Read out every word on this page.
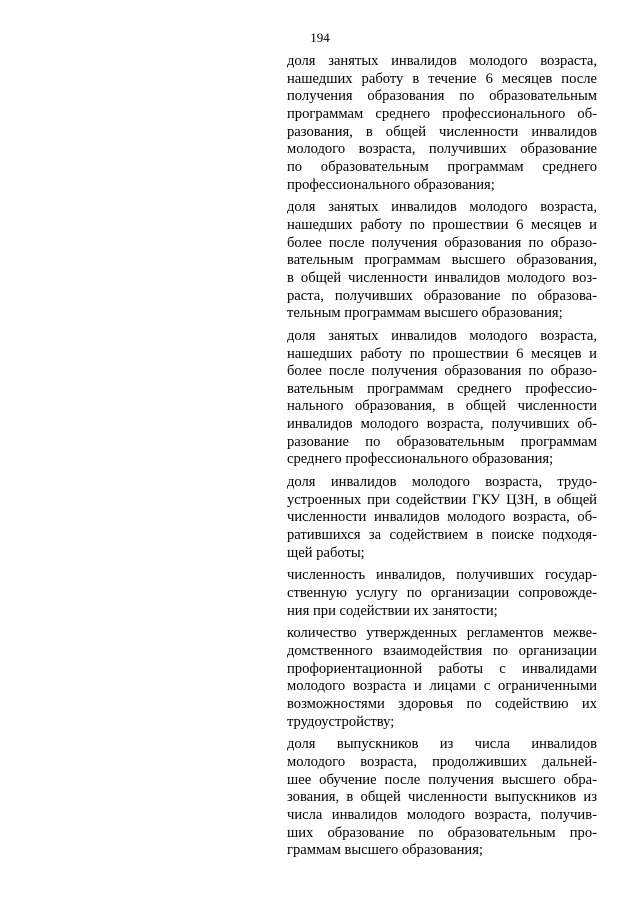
194
доля занятых инвалидов молодого возраста,
нашедших работу в течение 6 месяцев после
получения образования по образовательным
программам среднего профессионального об-
разования, в общей численности инвалидов
молодого возраста, получивших образование
по образовательным программам среднего
профессионального образования;
доля занятых инвалидов молодого возраста,
нашедших работу по прошествии 6 месяцев и
более после получения образования по образо-
вательным программам высшего образования,
в общей численности инвалидов молодого воз-
раста, получивших образование по образова-
тельным программам высшего образования;
доля занятых инвалидов молодого возраста,
нашедших работу по прошествии 6 месяцев и
более после получения образования по образо-
вательным программам среднего профессио-
нального образования, в общей численности
инвалидов молодого возраста, получивших об-
разование по образовательным программам
среднего профессионального образования;
доля инвалидов молодого возраста, трудо-
устроенных при содействии ГКУ ЦЗН, в общей
численности инвалидов молодого возраста, об-
ратившихся за содействием в поиске подходя-
щей работы;
численность инвалидов, получивших государ-
ственную услугу по организации сопровожде-
ния при содействии их занятости;
количество утвержденных регламентов межве-
домственного взаимодействия по организации
профориентационной работы с инвалидами
молодого возраста и лицами с ограниченными
возможностями здоровья по содействию их
трудоустройству;
доля выпускников из числа инвалидов
молодого возраста, продолживших дальней-
шее обучение после получения высшего обра-
зования, в общей численности выпускников из
числа инвалидов молодого возраста, получив-
ших образование по образовательным про-
граммам высшего образования;
